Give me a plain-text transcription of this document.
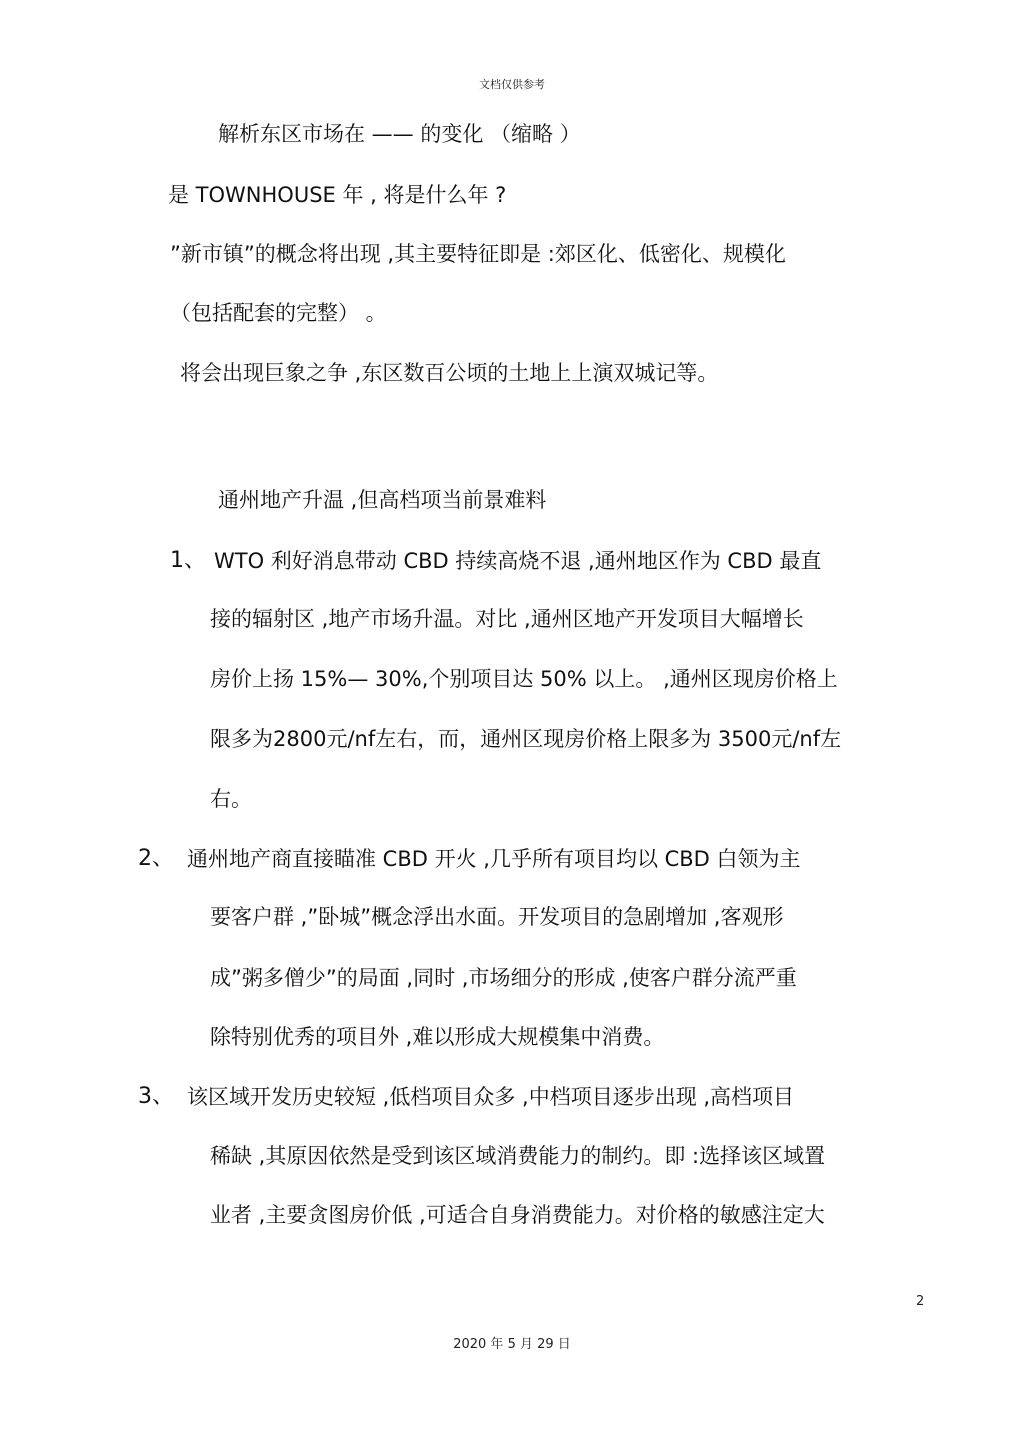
文档仅供参考
解析东区市场在 —— 的变化 （缩略 ）
是 TOWNHOUSE 年 , 将是什么年 ?
”新市镇”的概念将出现 ,其主要特征即是 :郊区化、低密化、规模化
（包括配套的完整） 。
将会出现巨象之争 ,东区数百公顷的土地上上演双城记等。
通州地产升温 ,但高档项当前景难料
1、 WTO 利好消息带动 CBD 持续高烧不退 ,通州地区作为 CBD 最直
接的辐射区 ,地产市场升温。对比 ,通州区地产开发项目大幅增长
房价上扬 15%— 30%,个别项目达 50% 以上。 ,通州区现房价格上
限多为2800元/nf左右，而，通州区现房价格上限多为 3500元/nf左
右。
2、 通州地产商直接瞄准 CBD 开火 ,几乎所有项目均以 CBD 白领为主
要客户群 ,”卧城”概念浮出水面。开发项目的急剧增加 ,客观形
成”粥多僧少”的局面 ,同时 ,市场细分的形成 ,使客户群分流严重
除特别优秀的项目外 ,难以形成大规模集中消费。
3、 该区域开发历史较短 ,低档项目众多 ,中档项目逐步出现 ,高档项目
稀缺 ,其原因依然是受到该区域消费能力的制约。即 :选择该区域置
业者 ,主要贪图房价低 ,可适合自身消费能力。对价格的敏感注定大
2
2020 年 5 月 29 日
